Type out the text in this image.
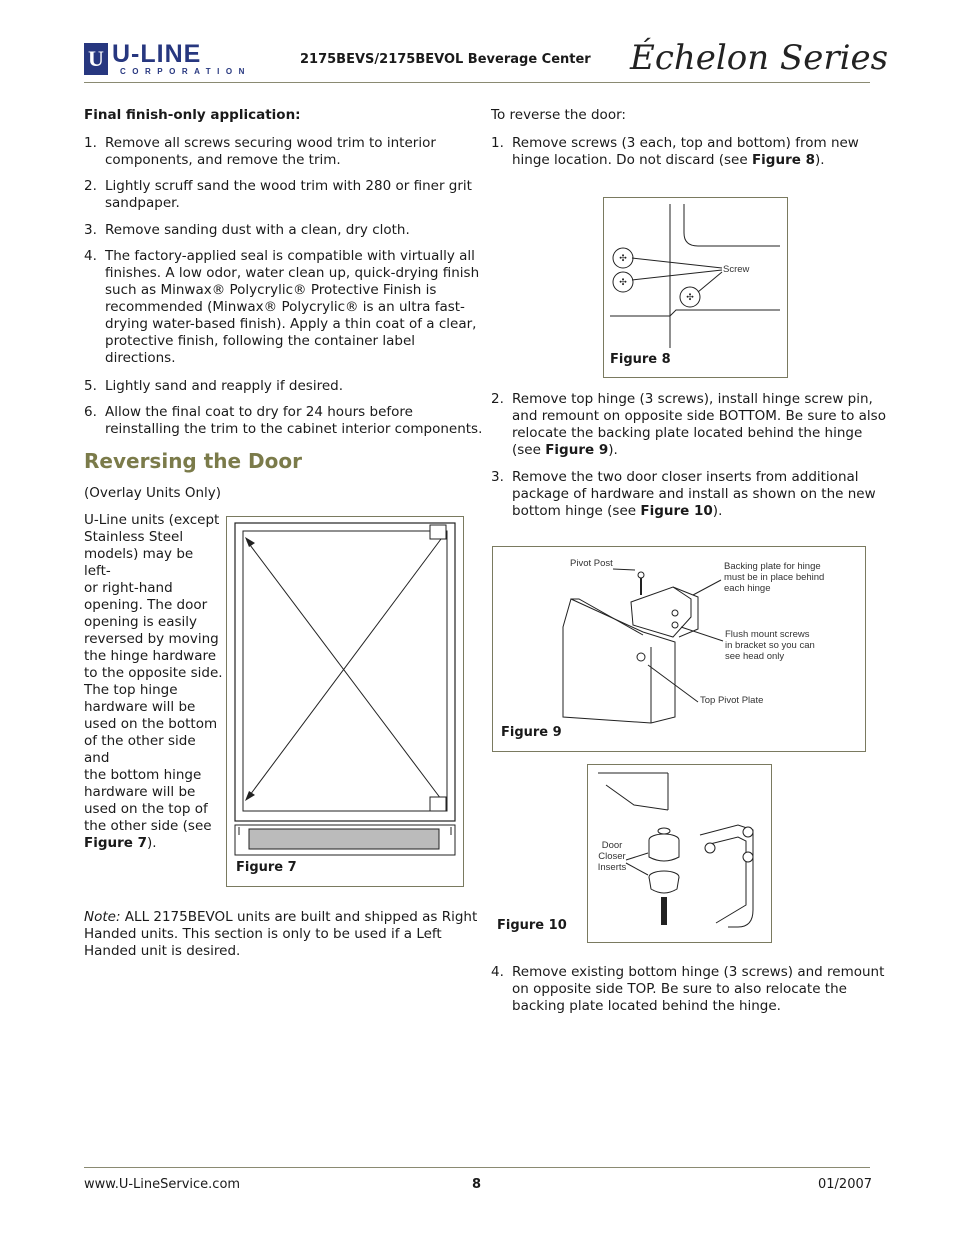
U U-LINE
CORPORATION
2175BEVS/2175BEVOL Beverage Center Échelon Series
Final finish-only application:
1. Remove all screws securing wood trim to interior
components, and remove the trim.
2. Lightly scruff sand the wood trim with 280 or finer grit
sandpaper.
3. Remove sanding dust with a clean, dry cloth.
4. The factory-applied seal is compatible with virtually all
finishes. A low odor, water clean up, quick-drying finish
such as Minwax® Polycrylic® Protective Finish is
recommended (Minwax® Polycrylic® is an ultra fast-
drying water-based finish). Apply a thin coat of a clear,
protective finish, following the container label
directions.
5. Lightly sand and reapply if desired.
6. Allow the final coat to dry for 24 hours before
reinstalling the trim to the cabinet interior components.
Reversing the Door
(Overlay Units Only)
U-Line units (except
Stainless Steel
models) may be left-
or right-hand
opening. The door
opening is easily
reversed by moving
the hinge hardware
to the opposite side.
The top hinge
hardware will be
used on the bottom
of the other side and
the bottom hinge
hardware will be
used on the top of
the other side (see
Figure 7).
Figure 7
Note: ALL 2175BEVOL units are built and shipped as Right
Handed units. This section is only to be used if a Left
Handed unit is desired.
To reverse the door:
1. Remove screws (3 each, top and bottom) from new
hinge location. Do not discard (see Figure 8).
✣
✣
✣
Screw
Figure 8
2. Remove top hinge (3 screws), install hinge screw pin,
and remount on opposite side BOTTOM. Be sure to also
relocate the backing plate located behind the hinge
(see Figure 9).
3. Remove the two door closer inserts from additional
package of hardware and install as shown on the new
bottom hinge (see Figure 10).
Pivot Post	Backing plate for hinge
must be in place behind
each hinge
Flush mount screws
in bracket so you can
see head only
Top Pivot Plate
Figure 9
Door
Closer
Inserts
Figure 10
4. Remove existing bottom hinge (3 screws) and remount
on opposite side TOP. Be sure to also relocate the
backing plate located behind the hinge.
www.U-LineService.com	8	01/2007
